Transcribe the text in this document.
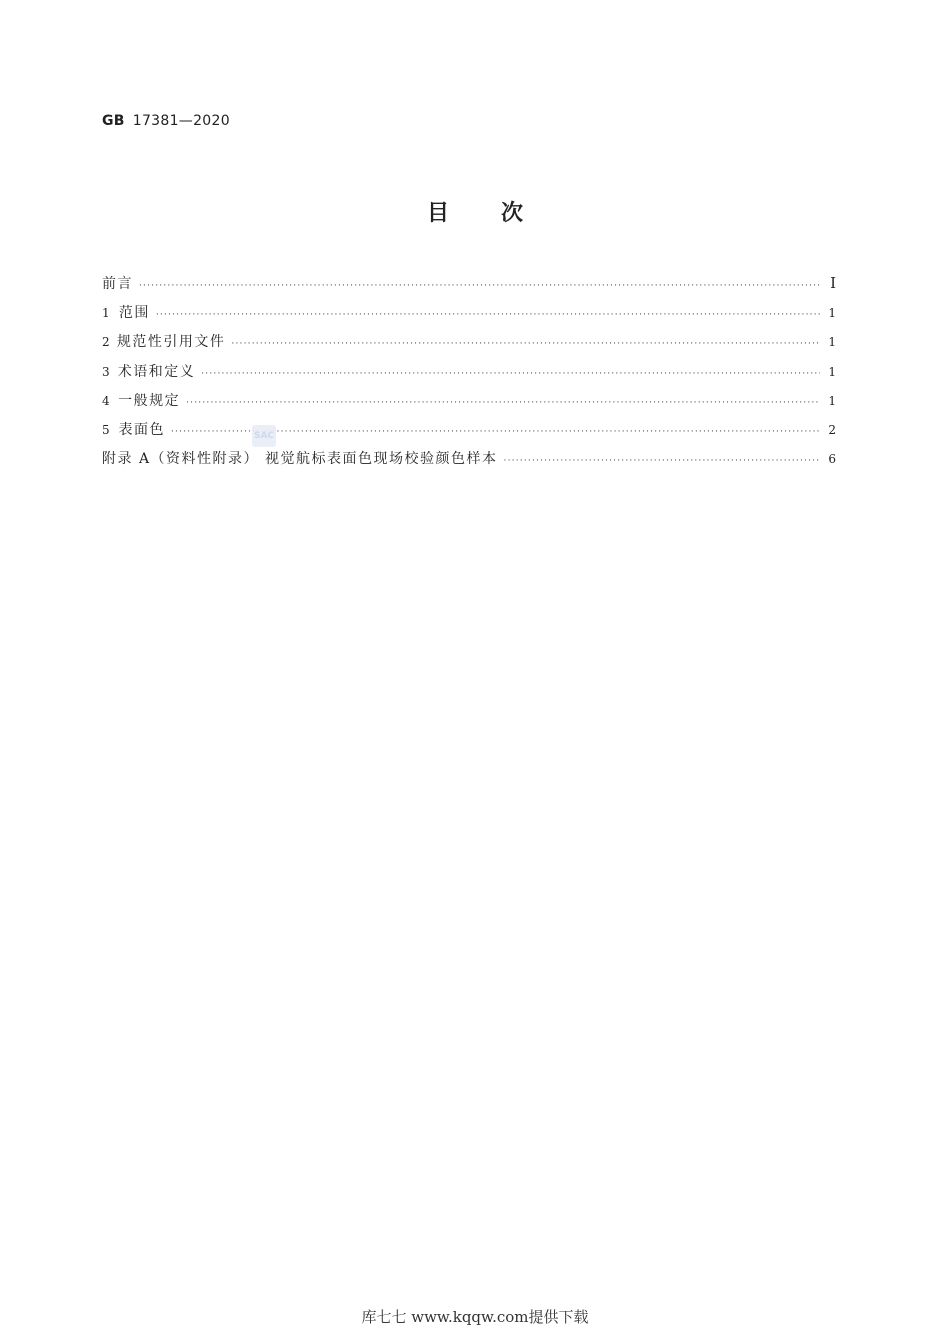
GB 17381—2020
目次
前言 ·····	Ⅰ
1 范围 ·····	1
2 规范性引用文件 ·····	1
3 术语和定义 ·····	1
4 一般规定 ·····	1
5 表面色 ·····	2
附录 A（资料性附录） 视觉航标表面色现场校验颜色样本 ·····	6
SAC
库七七 www.kqqw.com提供下载
